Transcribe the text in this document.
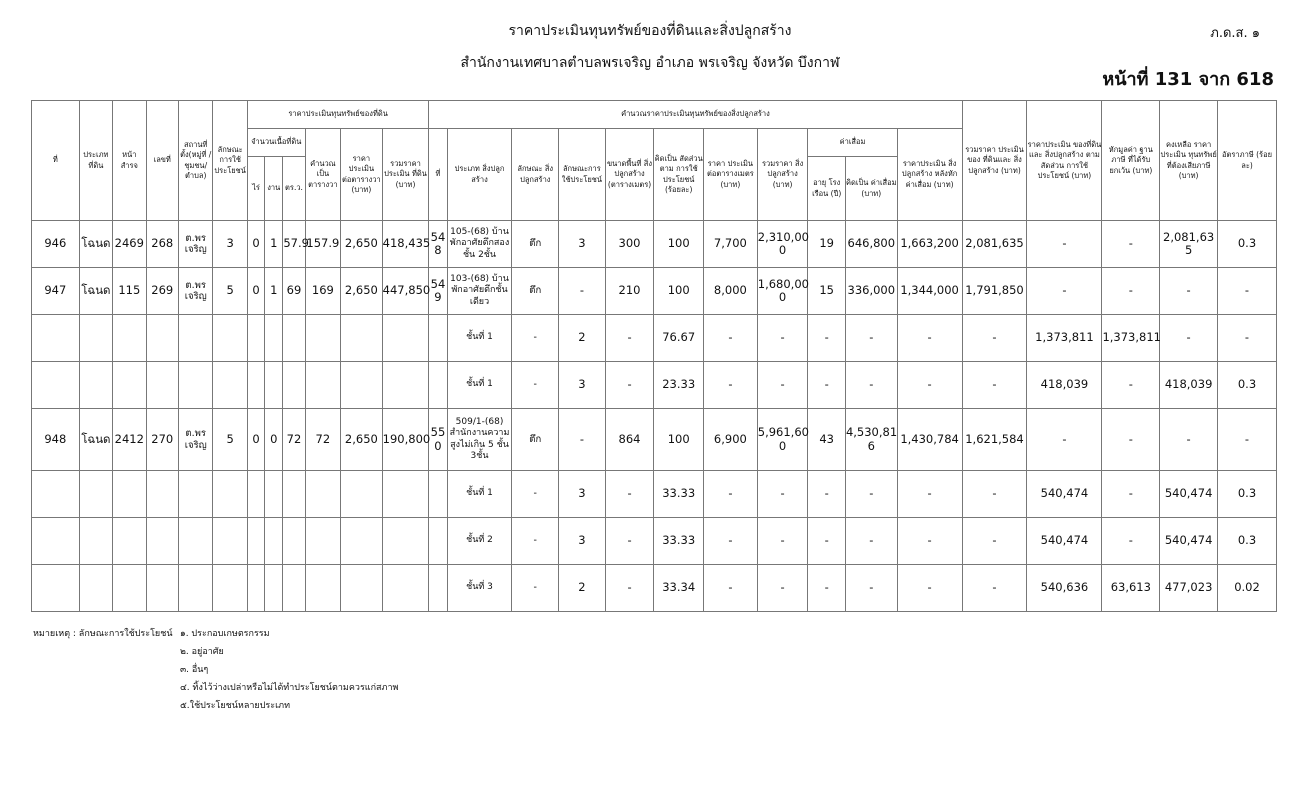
ราคาประเมินทุนทรัพย์ของที่ดินและสิ่งปลูกสร้าง	ภ.ด.ส. ๑
สำนักงานเทศบาลตำบลพรเจริญ อำเภอ พรเจริญ จังหวัด บึงกาฬ
หน้าที่ 131 จาก 618
ที่	ประเภท ที่ดิน	หน้า สำรจ	เลขที่	สถานที่ ตั้ง(หมู่ที่ /ชุมชน/ ตำบล)	ลักษณะ การใช้ ประโยชน์	ราคาประเมินทุนทรัพย์ของที่ดิน						คำนวณราคาประเมินทุนทรัพย์ของสิ่งปลูกสร้าง											รวมราคา ประเมินของ ที่ดินและ สิ่งปลูกสร้าง (บาท)	ราคาประเมิน ของที่ดินและ สิ่งปลูกสร้าง ตามสัดส่วน การใช้ประโยชน์ (บาท)	หักมูลค่า ฐานภาษี ที่ได้รับ ยกเว้น (บาท)	คงเหลือ ราคาประเมิน ทุนทรัพย์ ที่ต้องเสียภาษี (บาท)	อัตราภาษี (ร้อยละ)
						จำนวนเนื้อที่ดิน			คำนวณ เป็น ตารางวา	ราคา ประเมิน ต่อตารางวา (บาท)	รวมราคา ประเมิน ที่ดิน (บาท)	ที่	ประเภท สิ่งปลูกสร้าง	ลักษณะ สิ่งปลูกสร้าง	ลักษณะการ ใช้ประโยชน์	ขนาดพื้นที่ สิ่งปลูกสร้าง (ตารางเมตร)	คิดเป็น สัดส่วนตาม การใช้ ประโยชน์ (ร้อยละ)	ราคา ประเมิน ต่อตารางเมตร (บาท)	รวมราคา สิ่งปลูกสร้าง (บาท)	ค่าเสื่อม		ราคาประเมิน สิ่งปลูกสร้าง หลังหัก ค่าเสื่อม (บาท)					
						ไร่	งาน	ตร.ว.												อายุ โรงเรือน (ปี)	คิดเป็น ค่าเสื่อม (บาท)						
946	โฉนด	2469	268	ต.พร เจริญ	3	0	1	57.9	157.9	2,650	418,435	54 8	105-(68) บ้านพักอาศัยตึกสองชั้น 2ชั้น	ตึก	3	300	100	7,700	2,310,00 0	19	646,800	1,663,200	2,081,635	-	-	2,081,63 5	0.3
947	โฉนด	115	269	ต.พร เจริญ	5	0	1	69	169	2,650	447,850	54 9	103-(68) บ้านพักอาศัยตึกชั้นเดียว	ตึก	-	210	100	8,000	1,680,00 0	15	336,000	1,344,000	1,791,850	-	-	-	-
													ชั้นที่ 1	-	2	-	76.67	-	-	-	-	-	-	1,373,811	1,373,811	-	-
													ชั้นที่ 1	-	3	-	23.33	-	-	-	-	-	-	418,039	-	418,039	0.3
948	โฉนด	2412	270	ต.พร เจริญ	5	0	0	72	72	2,650	190,800	55 0	509/1-(68) สำนักงานความสูงไม่เกิน 5 ชั้น 3ชั้น	ตึก	-	864	100	6,900	5,961,60 0	43	4,530,81 6	1,430,784	1,621,584	-	-	-	-
													ชั้นที่ 1	-	3	-	33.33	-	-	-	-	-	-	540,474	-	540,474	0.3
													ชั้นที่ 2	-	3	-	33.33	-	-	-	-	-	-	540,474	-	540,474	0.3
													ชั้นที่ 3	-	2	-	33.34	-	-	-	-	-	-	540,636	63,613	477,023	0.02
หมายเหตุ : ลักษณะการใช้ประโยชน์ ๑. ประกอบเกษตรกรรม
๒. อยู่อาศัย
๓. อื่นๆ
๔. ทิ้งไว้ว่างเปล่าหรือไม่ได้ทำประโยชน์ตามควรแก่สภาพ
๕.ใช้ประโยชน์หลายประเภท
